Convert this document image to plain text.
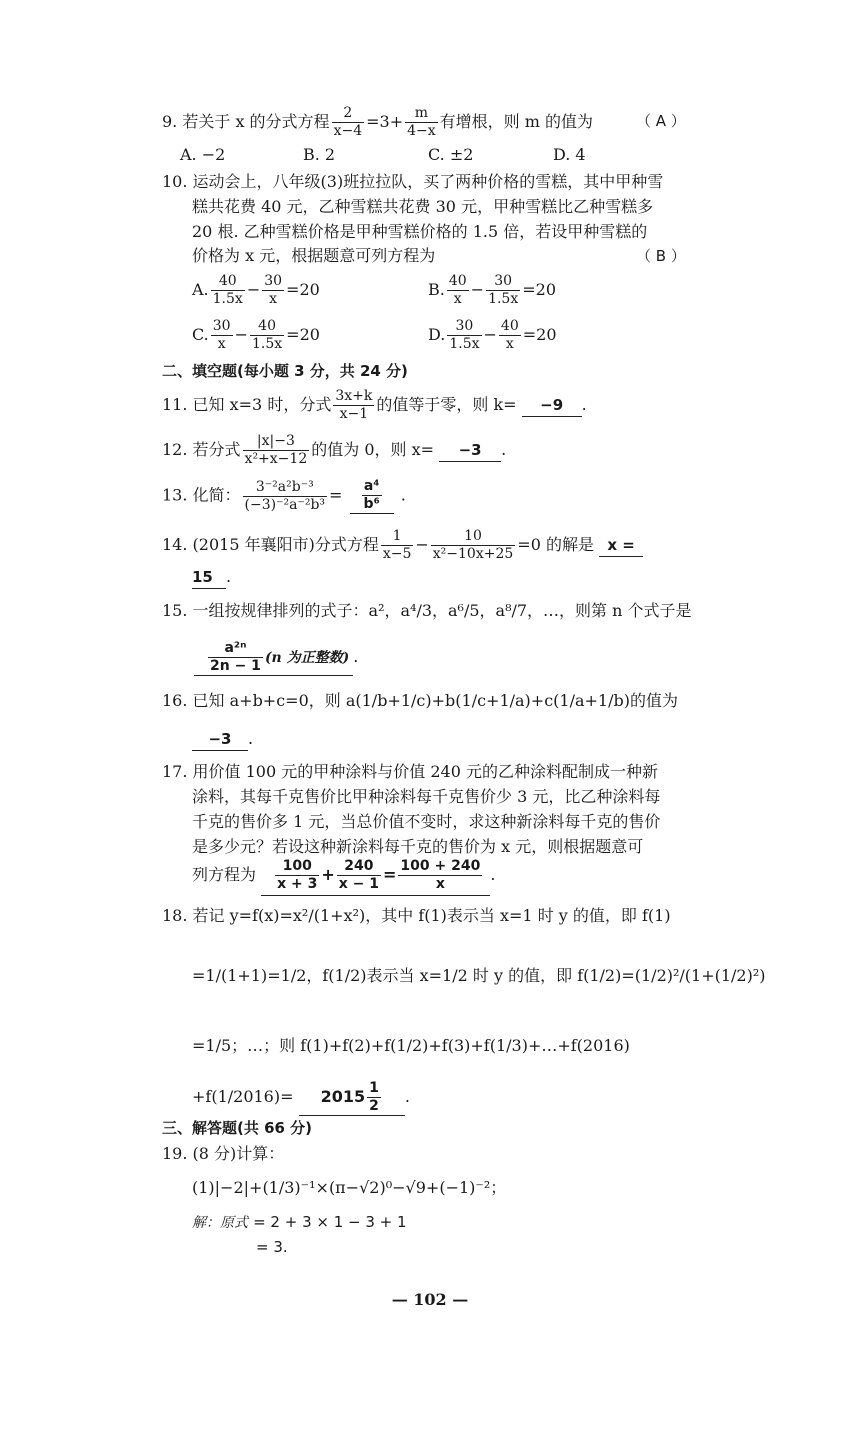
9. 若关于 x 的分式方程 $\frac{2}{x-4} =3+ \frac{m}{4-x}$ 有增根，则 m 的值为	（ A ）
A. −2	B. 2	C. ±2	D. 4
10. 运动会上，八年级(3)班拉拉队，买了两种价格的雪糕，其中甲种雪
糕共花费 40 元，乙种雪糕共花费 30 元，甲种雪糕比乙种雪糕多
20 根. 乙种雪糕价格是甲种雪糕价格的 1.5 倍，若设甲种雪糕的
价格为 x 元，根据题意可列方程为	（ B ）
A. $\frac{40}{1.5x} - \frac{30}{x} =20$	B. $\frac{40}{x} - \frac{30}{1.5x} =20$
C. $\frac{30}{x} - \frac{40}{1.5x} =20$	D. $\frac{30}{1.5x} - \frac{40}{x} =20$
二、填空题(每小题 3 分，共 24 分)
11. 已知 x=3 时，分式 $\frac{3x+k}{x-1}$ 的值等于零，则 k= −9 .
12. 若分式 $\frac{|x|-3}{\text{x²+x−12}}$ 的值为 0，则 x= −3 .
13. 化简： $\frac{\text{3⁻²a²b⁻³}}{\text{(−3)⁻²a⁻²b³}} = \frac{\text{a⁴}}{\text{b⁶}}$ .
14. (2015 年襄阳市)分式方程 $\frac{1}{x-5} - \frac{10}{\text{x²−10x+25}} =0$ 的解是 x =
15 .
15. 一组按规律排列的式子：a²，a⁴/3，a⁶/5，a⁸/7，…，则第 n 个式子是
$\frac{\text{a²ⁿ}}{2n - 1} (n$ 为正整数) .
16. 已知 a+b+c=0，则 a(1/b+1/c)+b(1/c+1/a)+c(1/a+1/b)的值为
−3 .
17. 用价值 100 元的甲种涂料与价值 240 元的乙种涂料配制成一种新
涂料，其每千克售价比甲种涂料每千克售价少 3 元，比乙种涂料每
千克的售价多 1 元，当总价值不变时，求这种新涂料每千克的售价
是多少元？若设这种新涂料每千克的售价为 x 元，则根据题意可
列方程为 $\frac{100}{x + 3} + \frac{240}{x - 1} = \frac{100 + 240}{x}$ .
18. 若记 y=f(x)=x²/(1+x²)，其中 f(1)表示当 x=1 时 y 的值，即 f(1)
=1/(1+1)=1/2，f(1/2)表示当 x=1/2 时 y 的值，即 f(1/2)=(1/2)²/(1+(1/2)²)
=1/5；…；则 f(1)+f(2)+f(1/2)+f(3)+f(1/3)+…+f(2016)
$+f(1/2016)= 2015 \frac{1}{2}$ .
三、解答题(共 66 分)
19. (8 分)计算：
(1)|−2|+(1/3)⁻¹×(π−√2)⁰−√9+(−1)⁻²；
解：原式 = 2 + 3 × 1 − 3 + 1
= 3.
— 102 —
